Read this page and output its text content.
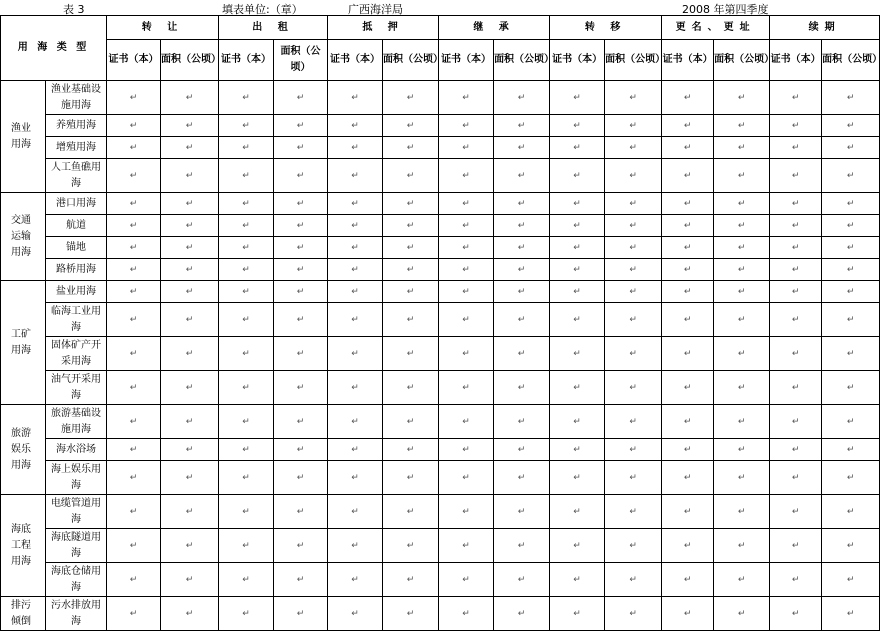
表 3	填表单位:（章）	广西海洋局	2008 年第四季度
用 海 类 型		转 让		出 租		抵 押		继 承		转 移		更名、更址		续期	
		证书（本）	面积（公顷）	证书（本）	面积（公顷）	证书（本）	面积（公顷）	证书（本）	面积（公顷）	证书（本）	面积（公顷）	证书（本）	面积（公顷）	证书（本）	面积（公顷）
渔业用海	渔业基础设施用海	↵	↵	↵	↵	↵	↵	↵	↵	↵	↵	↵	↵	↵	↵
	养殖用海	↵	↵	↵	↵	↵	↵	↵	↵	↵	↵	↵	↵	↵	↵
	增殖用海	↵	↵	↵	↵	↵	↵	↵	↵	↵	↵	↵	↵	↵	↵
	人工鱼礁用海	↵	↵	↵	↵	↵	↵	↵	↵	↵	↵	↵	↵	↵	↵
交通运输用海	港口用海	↵	↵	↵	↵	↵	↵	↵	↵	↵	↵	↵	↵	↵	↵
	航道	↵	↵	↵	↵	↵	↵	↵	↵	↵	↵	↵	↵	↵	↵
	锚地	↵	↵	↵	↵	↵	↵	↵	↵	↵	↵	↵	↵	↵	↵
	路桥用海	↵	↵	↵	↵	↵	↵	↵	↵	↵	↵	↵	↵	↵	↵
工矿用海	盐业用海	↵	↵	↵	↵	↵	↵	↵	↵	↵	↵	↵	↵	↵	↵
	临海工业用海	↵	↵	↵	↵	↵	↵	↵	↵	↵	↵	↵	↵	↵	↵
	固体矿产开采用海	↵	↵	↵	↵	↵	↵	↵	↵	↵	↵	↵	↵	↵	↵
	油气开采用海	↵	↵	↵	↵	↵	↵	↵	↵	↵	↵	↵	↵	↵	↵
旅游娱乐用海	旅游基础设施用海	↵	↵	↵	↵	↵	↵	↵	↵	↵	↵	↵	↵	↵	↵
	海水浴场	↵	↵	↵	↵	↵	↵	↵	↵	↵	↵	↵	↵	↵	↵
	海上娱乐用海	↵	↵	↵	↵	↵	↵	↵	↵	↵	↵	↵	↵	↵	↵
海底工程用海	电缆管道用海	↵	↵	↵	↵	↵	↵	↵	↵	↵	↵	↵	↵	↵	↵
	海底隧道用海	↵	↵	↵	↵	↵	↵	↵	↵	↵	↵	↵	↵	↵	↵
	海底仓储用海	↵	↵	↵	↵	↵	↵	↵	↵	↵	↵	↵	↵	↵	↵
排污倾倒	污水排放用海	↵	↵	↵	↵	↵	↵	↵	↵	↵	↵	↵	↵	↵	↵
